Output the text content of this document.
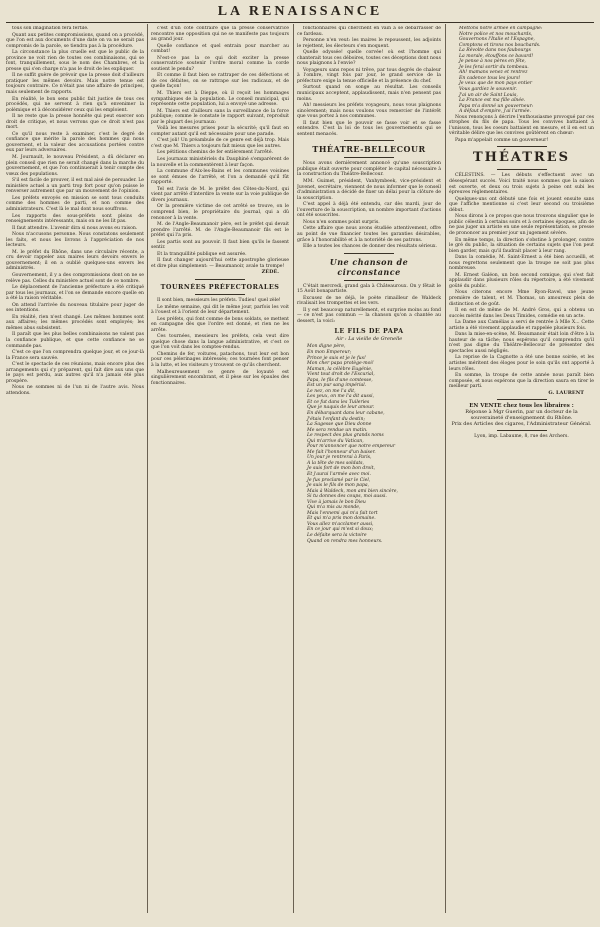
LA RENAISSANCE

tous son imagination fera fertile.

Quant aux petites compromissions, quand on a procédé, que l'on est aux documents d'une date on va ne serait pas compromis de la parole, se tiendra pas à la procédure.

La circonstance la plus cruelle est que le public de la province ne voit rien de toutes ces combinaisons, qui se font, tranquillement, sous le nom des Chambres, et la presse qui s'en charge n'a pas le droit de les expliquer.

Il ne suffit guère de prévoir que la presse doit d'ailleurs pratiquer les mêmes devoirs. Mais notre tenue est toujours contraire. Ce n'était pas une affaire de principes, mais seulement de rapports.

En réalité, le bon sens public fait justice de tous ces procédés, qui ne servent à rien qu'à envenimer la polémique et à déconsidérer ceux qui les emploient.

Il ne reste que la presse honnête qui peut exercer son droit de critique, et nous verrons que ce droit n'est pas mort.

Ce qu'il nous reste à examiner, c'est le degré de confiance que mérite la parole des hommes qui nous gouvernent, et la valeur des accusations portées contre eux par leurs adversaires.

M. Journault, le nouveau Président, a dû déclarer en plein conseil que rien ne serait changé dans la marche du gouvernement, et que l'on continuerait à tenir compte des vœux des populations.

S'il est facile de prouver, il est mal aisé de persuader. Le ministère actuel a un parti trop fort pour qu'on puisse le renverser autrement que par un mouvement de l'opinion.

Les préfets envoyés en mission se sont tous conduits comme des hommes de parti, et non comme des administrateurs. C'est là le mal dont nous souffrons.

Les rapports des sous-préfets sont pleins de renseignements intéressants, mais on ne les lit pas.

Il faut attendre. L'avenir dira si nous avons eu raison.

Nous n'accusons personne. Nous constatons seulement les faits, et nous les livrons à l'appréciation de nos lecteurs.

M. le préfet du Rhône, dans une circulaire récente, a cru devoir rappeler aux maires leurs devoirs envers le gouvernement; il en a oublié quelques-uns envers les administrés.

Gouvernement, il y a des compromissions dont on ne se relève pas. Celles du ministère actuel sont de ce nombre.

Le déplacement de l'ancienne préfecture a été critiqué par tous les journaux, et l'on se demande encore quelle en a été la raison véritable.

On attend l'arrivée du nouveau titulaire pour juger de ses intentions.

En réalité, rien n'est changé. Les mêmes hommes sont aux affaires; les mêmes procédés sont employés; les mêmes abus subsistent.

Il paraît que les plus belles combinaisons ne valent pas la confiance publique, et que cette confiance ne se commande pas.

C'est ce que l'on comprendra quelque jour, et ce jour-là la France sera sauvée.

C'est le spectacle de ces réunions, mais encore plus des arrangements qui s'y préparent, qui fait dire aux uns que le pays est perdu, aux autres qu'il n'a jamais été plus prospère.

Nous ne sommes ni de l'un ni de l'autre avis. Nous attendons.

c'est d'un côté contraire que la presse conservatrice rencontre une opposition qui ne se manifeste pas toujours au grand jour.

Quelle confiance et quel entrain pour marcher au combat!

N'est-ce pas la ce qui doit exciter la presse conservatrice soutenir l'ordre moral comme la corde soutient le pendu?

Et comme il faut bien se rattraper de ces défections et de ces défaites, on se rattrape sur les radicaux, et de quelle façon!

M. Thiers est à Dieppe, où il reçoit les hommages sympathiques de la population. Le conseil municipal, qui représente cette population, lui a envoyé une adresse.

M. Thiers est d'ailleurs sans la surveillance de la force publique; comme le constate le rapport suivant, reproduit par le plupart des journaux:

Voilà les mesures prises pour la sécurité; qu'il faut en compter autant qu'il est nécessaire pour une parade.

C'est joli! Un préambule de ce genre est déjà trop. Mais c'est que M. Thiers a toujours fait mieux que les autres.

Les pétitions chemins de fer entièrement l'arrêté.

Les journaux ministériels du Dauphiné s'emparèrent de la nouvelle et la commentèrent à leur façon.

La commune d'Aix-les-Bains et les communes voisines se sont émues de l'arrêté, et l'on a demandé qu'il fût rapporté.

Tel est l'avis de M. le préfet des Côtes-du-Nord, qui vient par arrêté d'interdire la vente sur la voie publique de divers journaux.

Or la première victime de cet arrêté se trouve, on le comprend bien, le propriétaire du journal, qui a dû renoncer à la vente.

M. de l'Angle-Beaumanoir père, est le préfet qui devait prendre l'arrêté. M. de l'Angle-Beaumanoir fils est le préfet qui l'a pris.

Les partis sont au pouvoir. Il faut bien qu'ils le fassent sentir.

Et la tranquillité publique est assurée.

Il faut changer aujourd'hui cette apostrophe glorieuse et dire plus simplement: — Beaumanoir, avale ta trompe!

ZÉDÉ.
TOURNÉES PRÉFECTORALES

Il sont bien, messieurs les préfets. Tudieu! quel zèle!

Le même semaine, qui dit le même jour, parfois les voit à l'ouest et à l'orient de leur département.

Les préfets, qui font comme de bons soldats, se mettent en campagne dès que l'ordre est donné, et rien ne les arrête.

Ces tournées, messieurs les préfets, cela veut dire quelque chose dans la langue administrative, et c'est ce que l'on voit dans les comptes-rendus.

Chemins de fer, voitures, patachons, tout leur est bon pour ces pèlerinages intéressés; ces tournées font penser à la lutte, et les visiteurs y trouvent ce qu'ils cherchent.

Malheureusement ce genre de loyauté est singulièrement encombrant, et il pèse sur les épaules des fonctionnaires.

fonctionnaires qui cherchent en vain à se débarrasser de ce fardeau.

Personne n'en veut: les maires le repoussent, les adjoints le rejettent, les électeurs s'en moquent.

Quelle odyssée! quelle corvée! où est l'homme qui chanterait tous ces déboires, toutes ces déceptions dont nous nous plaignons à l'envie?

Voyageurs sans repos ni trêve, par tous degrés de chaleur à l'ombre, vingt fois par jour, le grand service de la préfecture exige la tenue officielle et la présence du chef.

Surtout quand on songe au résultat. Les conseils municipaux acceptent, applaudissent, mais n'en pensent pas moins.

Ah! messieurs les préfets voyageurs, nous vous plaignons sincèrement; mais nous voulons vous remercier de l'intérêt que vous portez à nos communes.

Il faut bien que le pouvoir se fasse voir et se fasse entendre. C'est la loi de tous les gouvernements qui se sentent menacés.

THÉATRE-BELLECOUR

Nous avons dernièrement annoncé qu'une souscription publique était ouverte pour compléter le capital nécessaire à la construction du Théâtre-Bellecour.

MM. Guimet, président, Vanhymbeek, vice-président et Juvenet, secrétaire, viennent de nous informer que le conseil d'administration a décidé de fixer un délai pour la clôture de la souscription.

C'est appel à déjà été entendu, car dès mardi, jour de l'ouverture de la souscription, un nombre important d'actions ont été souscrites.

Nous n'en sommes point surpris.

Cette affaire que nous avons étudiée attentivement, offre au point de vue financier toutes les garanties désirables, grâce à l'honorabilité et à la notoriété de ses patrons.

Elle a toutes les chances de donner des résultats sérieux.

Une chanson de circonstance

C'était mercredi, grand gala à Châteauroux. On y fêtait le 15 Août bonapartiste.

Excusez de ne déjà, le poète rimailleur de Waldeck rivalisait les trompettes et les vers.

Il y est beaucoup naturellement, et surprise moins au fond — ce n'est pas commun — la chanson qu'on a chantée au dessert, la voici:

LE FILS DE PAPA
Air : La vieille de Grenelle
Mon digne père,
En mon Empereur;
Prince je suis et je le fus!
Mon cher papa protège-moi!
Maman, la célèbre Eugénie,
Vient tout droit de l'Escurial,
Papa, le fils d'une comtesse,
Est un pur sang impérial.
Le nez, on me l'a dit,
Les yeux, on me l'a dit aussi,
Et ce fut dans les Tuileries
Que je naquis de leur amour.
En débarquant dans leur cabane,
J'étais l'enfant du destin;
La Sagesse que Dieu donne
Me sera rendue un matin.
Le respect des plus grands noms
Qui m'arrive du Vatican,
Pour m'annoncer que notre empereur
Me fait l'honneur d'un baiser.
Un jour je rentrerai à Paris,
A la tête de mes soldats,
Je suis fort de mon bon droit,
Et j'aurai l'armée avec moi.
Je fus proclamé par le Ciel,
Je suis le fils de mon papa,
Mais à Waldeck, mon ami bien sincère,
Si tu donnes des coups, moi aussi.
Vive à jamais le bon Dieu
Qui m'a mis au monde,
Mais l'ennemi qui m'a fait tort
Et qui m'a pris mon domaine.
Vous allez m'acclamer aussi,
En ce jour qui m'est si doux;
Le défaite sera la victoire
Quand on rendra mes honneurs.
Mettons notre armée en campagne:
Notre police et nos mouchards,
Gouvernons l'Italie et l'Espagne,
Comptons et tirons nos bouchards.
La Révolte dans nos faubourgs
La morale, étouffons ce bavard!
Je pense à nos pères en fête,
Je les ferai sortir du tombeau.
Ah! mamans venez et rentrez
En cadence tous les jours!
Je veux que de mon pays entier
Vous gardiez le souvenir.
J'ai un air de Saint Louis,
La France est ma fille aînée.
Papa m'a donné un gouverneur:
A défaut d'empire, j'ai l'armée.

Nous renonçons à décrire l'enthousiasme provoqué par ces strophes du fils de papa. Tous les convives battaient à l'unisson, tous les coeurs battaient en mesure, et il en est un véritable délire que les convives goûtèrent en chœur:

Papa m'appelait comme un gouverneur!

THÉATRES

CÉLESTINS. — Les débuts s'effectuent avec un désespérant succès. Voici traité nous sommes que la saison est ouverte, et deux ou trois sujets à peine ont subi les épreuves réglementaires.

Quelques-uns ont débuté une fois et jouent ensuite sans que l'affiche mentionne si c'est leur second ou troisième début.

Nous dirons à ce propos que nous trouvons singulier que le public célestin à certains soirs et à certaines époques, afin de ne pas juger un artiste en une seule représentation, se presse de prononcer au premier jour un jugement sévère.

En même temps, la direction s'obstine à prolonger, contre le gré du public, la situation de certains sujets que l'on peut bien garder, mais qu'il faudrait placer à leur rang.

Dans la comédie, M. Saint-Ernest a été bien accueilli, et nous regrettons seulement que la troupe ne soit pas plus nombreuse.

M. Ernest Galéon, un bon second comique, qui s'est fait applaudir dans plusieurs rôles du répertoire, a été vivement goûté du public.

Nous citerons encore Mme Ryon-Ravel, une jeune première de talent, et M. Thomas, un amoureux plein de distinction et de goût.

Il en est de même de M. André Gros, qui a obtenu un succès mérité dans les Deux Timides, comédie en un acte.

La Dame aux Camélias a servi de rentrée à Mlle X... Cette artiste a été vivement applaudie et rappelée plusieurs fois.

Dans la mise-en-scène, M. Beaumanoir était loin d'être à la hauteur de sa tâche; nous espérons qu'il comprendra qu'il n'est pas digne du Théâtre-Bellecour de présenter des spectacles aussi négligés.

La reprise de la Cagnotte a été une bonne soirée, et les artistes méritent des éloges pour le soin qu'ils ont apporté à leurs rôles.

En somme, la troupe de cette année nous paraît bien composée, et nous espérons que la direction saura en tirer le meilleur parti.

G. LAURENT
EN VENTE chez tous les libraires :
Réponse à Mgr Guerin, par un docteur de la souveraineté d'enseignement du Rhône.
Prix des Articles des cigares, l'Administrateur Général.
Lyon, imp. Labaume, 8, rue des Archers.
